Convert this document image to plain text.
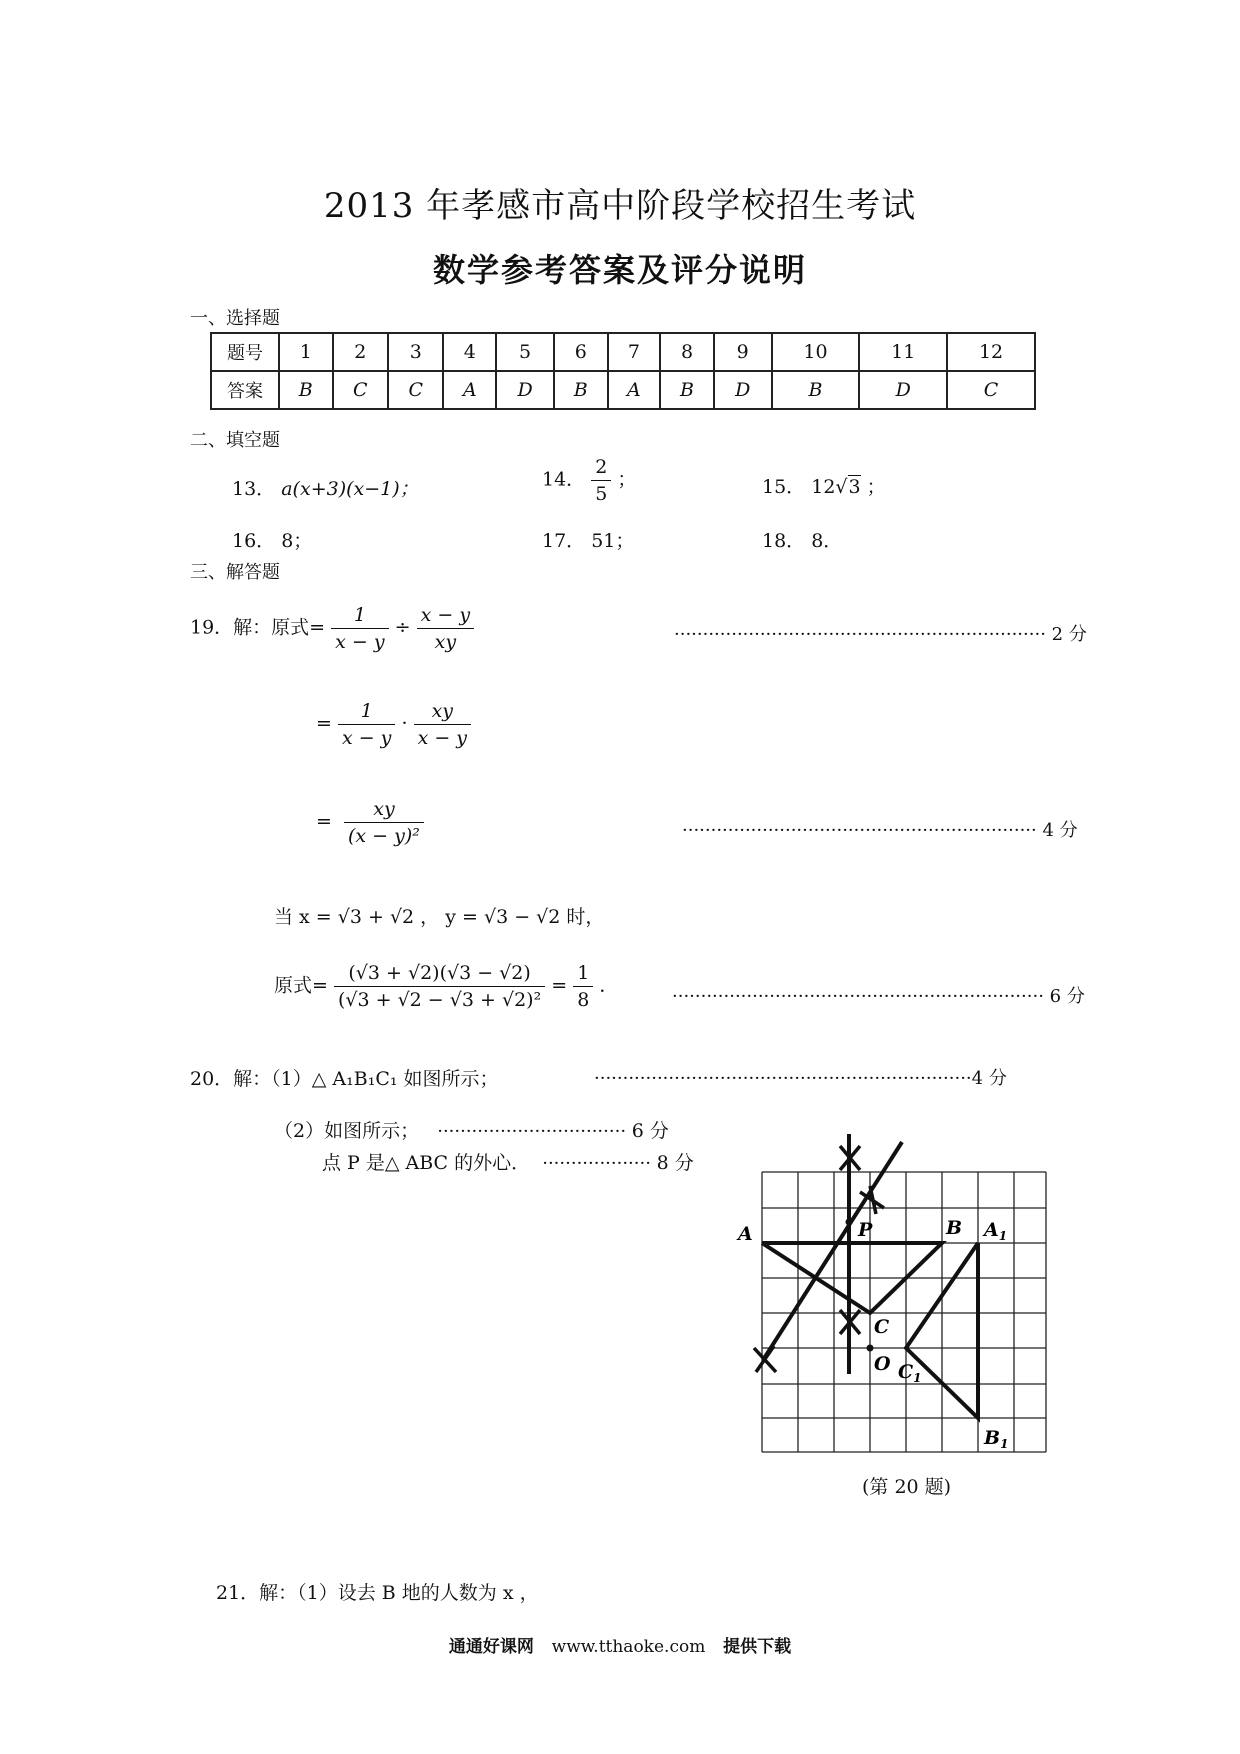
2013 年孝感市高中阶段学校招生考试
数学参考答案及评分说明
一、选择题
题号	1	2	3	4	5	6	7	8	9	10	11	12
答案	B	C	C	A	D	B	A	B	D	B	D	C
二、填空题
13． a(x+3)(x−1)；	14． $\frac{2}{5}$ ；	15． 12√3 ；
16． 8；	17． 51；	18． 8．
三、解答题
19．解：原式= $\frac{1}{x - y} \div \frac{x - y}{xy}$	································································· 2 分
= $\frac{1}{x - y} \cdot \frac{xy}{x - y}$
= $\frac{xy}{\text{(x − y)²}}$	······························································ 4 分
当 x = √3 + √2 ， y = √3 − √2 时，
原式= $\frac{(√3 + √2)(√3 - √2)}{\text{(√3 + √2 − √3 + √2)²}} = \frac{1}{8}$ ．	································································· 6 分
20．解：（1）△ A₁B₁C₁ 如图所示；	··································································4 分
（2）如图所示； ································· 6 分
点 P 是△ ABC 的外心． ··················· 8 分
A	B $A_1$
P
C
O $C_1$
$B_1$
(第 20 题)
21．解：（1）设去 B 地的人数为 x ，
通通好课网 www.tthaoke.com 提供下载
